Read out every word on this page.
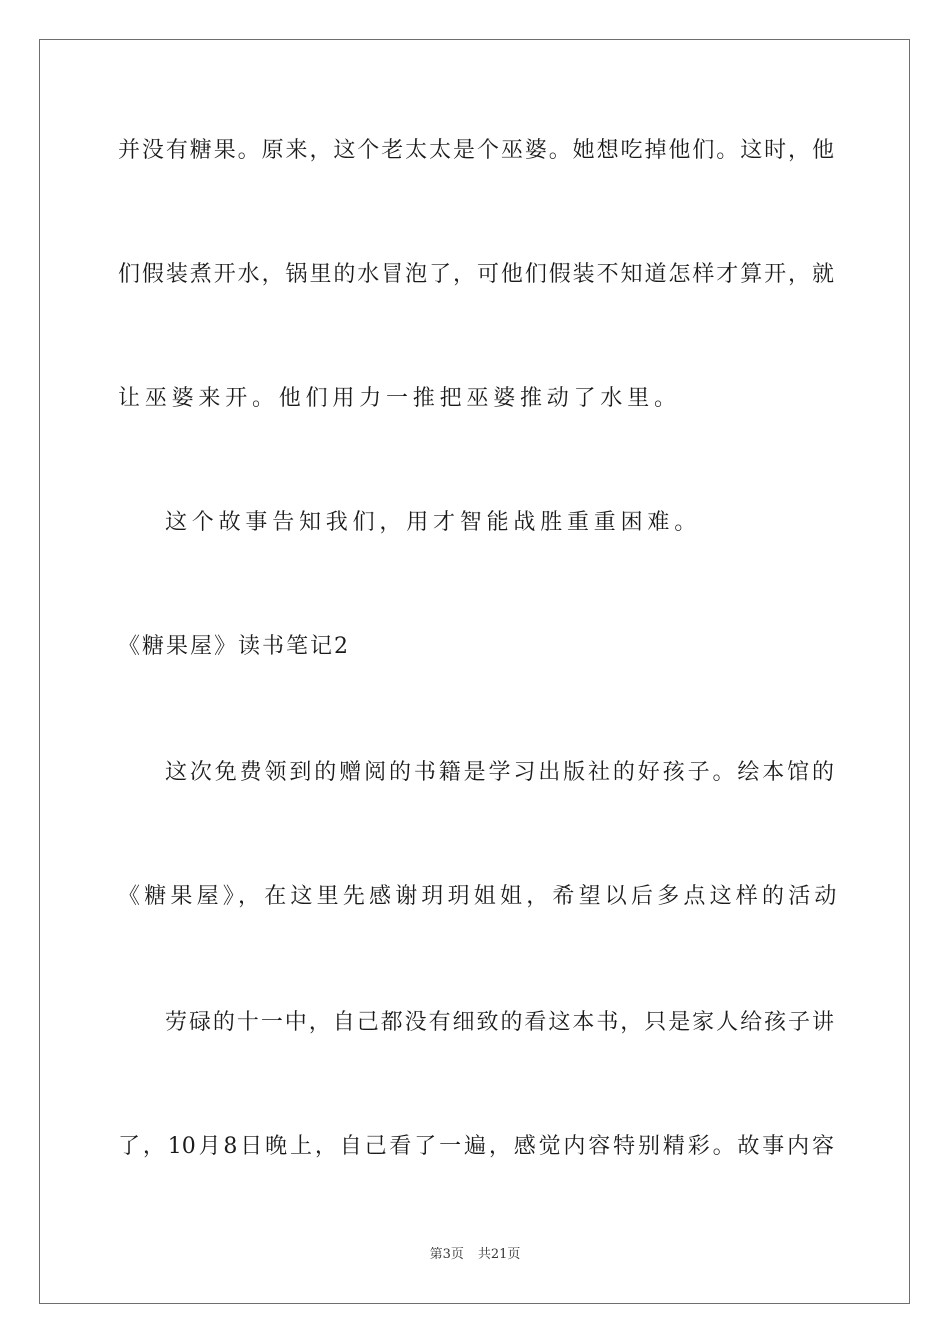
并没有糖果。原来，这个老太太是个巫婆。她想吃掉他们。这时，他
们假装煮开水，锅里的水冒泡了，可他们假装不知道怎样才算开，就
让巫婆来开。他们用力一推把巫婆推动了水里。
这个故事告知我们，用才智能战胜重重困难。
《糖果屋》读书笔记2
这次免费领到的赠阅的书籍是学习出版社的好孩子。绘本馆的
《糖果屋》，在这里先感谢玥玥姐姐，希望以后多点这样的活动
劳碌的十一中，自己都没有细致的看这本书，只是家人给孩子讲
了，10月8日晚上，自己看了一遍，感觉内容特别精彩。故事内容
第3页 共21页
